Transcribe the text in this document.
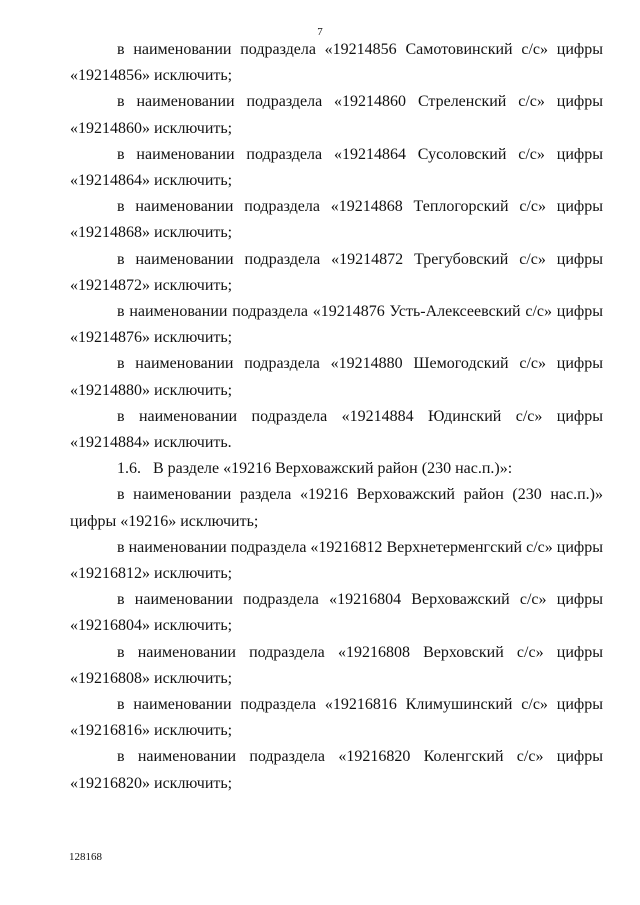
7

в наименовании подраздела «19214856 Самотовинский с/с» цифры «19214856» исключить;

в наименовании подраздела «19214860 Стреленский с/с» цифры «19214860» исключить;

в наименовании подраздела «19214864 Сусоловский с/с» цифры «19214864» исключить;

в наименовании подраздела «19214868 Теплогорский с/с» цифры «19214868» исключить;

в наименовании подраздела «19214872 Трегубовский с/с» цифры «19214872» исключить;

в наименовании подраздела «19214876 Усть-Алексеевский с/с» цифры «19214876» исключить;

в наименовании подраздела «19214880 Шемогодский с/с» цифры «19214880» исключить;

в наименовании подраздела «19214884 Юдинский с/с» цифры «19214884» исключить.

1.6.   В разделе «19216 Верховажский район (230 нас.п.)»:

в наименовании раздела «19216 Верховажский район (230 нас.п.)» цифры «19216» исключить;

в наименовании подраздела «19216812 Верхнетерменгский с/с» цифры «19216812» исключить;

в наименовании подраздела «19216804 Верховажский с/с» цифры «19216804» исключить;

в наименовании подраздела «19216808 Верховский с/с» цифры «19216808» исключить;

в наименовании подраздела «19216816 Климушинский с/с» цифры «19216816» исключить;

в наименовании подраздела «19216820 Коленгский с/с» цифры «19216820» исключить;

128168
